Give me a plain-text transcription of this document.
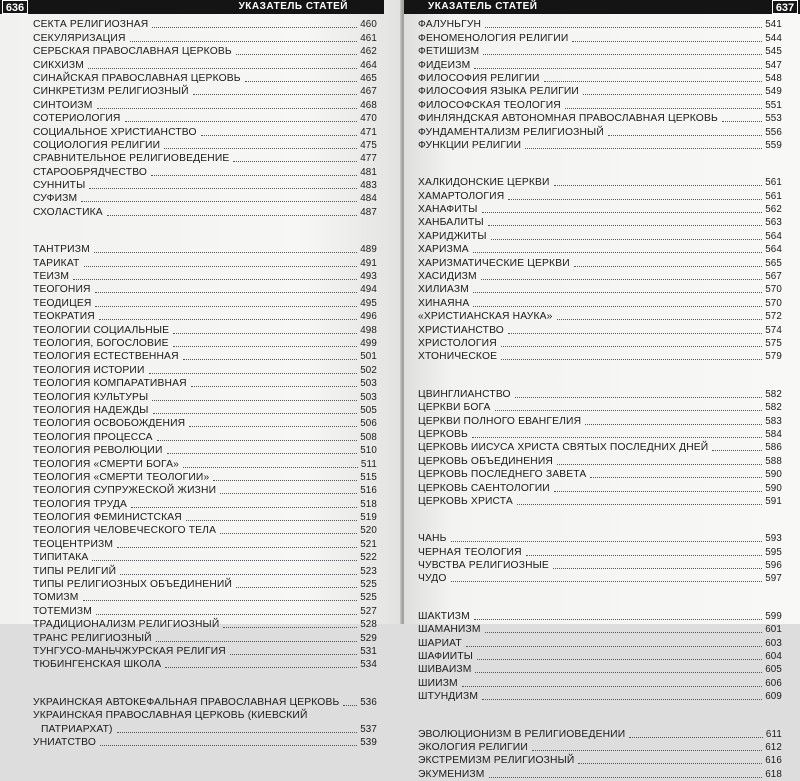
636	УКАЗАТЕЛЬ СТАТЕЙ
СЕКТА РЕЛИГИОЗНАЯ	460
СЕКУЛЯРИЗАЦИЯ	461
СЕРБСКАЯ ПРАВОСЛАВНАЯ ЦЕРКОВЬ	462
СИКХИЗМ	464
СИНАЙСКАЯ ПРАВОСЛАВНАЯ ЦЕРКОВЬ	465
СИНКРЕТИЗМ РЕЛИГИОЗНЫЙ	467
СИНТОИЗМ	468
СОТЕРИОЛОГИЯ	470
СОЦИАЛЬНОЕ ХРИСТИАНСТВО	471
СОЦИОЛОГИЯ РЕЛИГИИ	475
СРАВНИТЕЛЬНОЕ РЕЛИГИОВЕДЕНИЕ	477
СТАРООБРЯДЧЕСТВО	481
СУННИТЫ	483
СУФИЗМ	484
СХОЛАСТИКА	487
ТАНТРИЗМ	489
ТАРИКАТ	491
ТЕИЗМ	493
ТЕОГОНИЯ	494
ТЕОДИЦЕЯ	495
ТЕОКРАТИЯ	496
ТЕОЛОГИИ СОЦИАЛЬНЫЕ	498
ТЕОЛОГИЯ, БОГОСЛОВИЕ	499
ТЕОЛОГИЯ ЕСТЕСТВЕННАЯ	501
ТЕОЛОГИЯ ИСТОРИИ	502
ТЕОЛОГИЯ КОМПАРАТИВНАЯ	503
ТЕОЛОГИЯ КУЛЬТУРЫ	503
ТЕОЛОГИЯ НАДЕЖДЫ	505
ТЕОЛОГИЯ ОСВОБОЖДЕНИЯ	506
ТЕОЛОГИЯ ПРОЦЕССА	508
ТЕОЛОГИЯ РЕВОЛЮЦИИ	510
ТЕОЛОГИЯ «СМЕРТИ БОГА»	511
ТЕОЛОГИЯ «СМЕРТИ ТЕОЛОГИИ»	515
ТЕОЛОГИЯ СУПРУЖЕСКОЙ ЖИЗНИ	516
ТЕОЛОГИЯ ТРУДА	518
ТЕОЛОГИЯ ФЕМИНИСТСКАЯ	519
ТЕОЛОГИЯ ЧЕЛОВЕЧЕСКОГО ТЕЛА	520
ТЕОЦЕНТРИЗМ	521
ТИПИТАКА	522
ТИПЫ РЕЛИГИЙ	523
ТИПЫ РЕЛИГИОЗНЫХ ОБЪЕДИНЕНИЙ	525
ТОМИЗМ	525
ТОТЕМИЗМ	527
ТРАДИЦИОНАЛИЗМ РЕЛИГИОЗНЫЙ	528
ТРАНС РЕЛИГИОЗНЫЙ	529
ТУНГУСО-МАНЬЧЖУРСКАЯ РЕЛИГИЯ	531
ТЮБИНГЕНСКАЯ ШКОЛА	534
УКРАИНСКАЯ АВТОКЕФАЛЬНАЯ ПРАВОСЛАВНАЯ ЦЕРКОВЬ 536
УКРАИНСКАЯ ПРАВОСЛАВНАЯ ЦЕРКОВЬ (КИЕВСКИЙ
ПАТРИАРХАТ)	537
УНИАТСТВО	539
УКАЗАТЕЛЬ СТАТЕЙ	637
ФАЛУНЬГУН	541
ФЕНОМЕНОЛОГИЯ РЕЛИГИИ	544
ФЕТИШИЗМ	545
ФИДЕИЗМ	547
ФИЛОСОФИЯ РЕЛИГИИ	548
ФИЛОСОФИЯ ЯЗЫКА РЕЛИГИИ	549
ФИЛОСОФСКАЯ ТЕОЛОГИЯ	551
ФИНЛЯНДСКАЯ АВТОНОМНАЯ ПРАВОСЛАВНАЯ ЦЕРКОВЬ	553
ФУНДАМЕНТАЛИЗМ РЕЛИГИОЗНЫЙ	556
ФУНКЦИИ РЕЛИГИИ	559
ХАЛКИДОНСКИЕ ЦЕРКВИ	561
ХАМАРТОЛОГИЯ	561
ХАНАФИТЫ	562
ХАНБАЛИТЫ	563
ХАРИДЖИТЫ	564
ХАРИЗМА	564
ХАРИЗМАТИЧЕСКИЕ ЦЕРКВИ	565
ХАСИДИЗМ	567
ХИЛИАЗМ	570
ХИНАЯНА	570
«ХРИСТИАНСКАЯ НАУКА»	572
ХРИСТИАНСТВО	574
ХРИСТОЛОГИЯ	575
ХТОНИЧЕСКОЕ	579
ЦВИНГЛИАНСТВО	582
ЦЕРКВИ БОГА	582
ЦЕРКВИ ПОЛНОГО ЕВАНГЕЛИЯ	583
ЦЕРКОВЬ	584
ЦЕРКОВЬ ИИСУСА ХРИСТА СВЯТЫХ ПОСЛЕДНИХ ДНЕЙ	586
ЦЕРКОВЬ ОБЪЕДИНЕНИЯ	588
ЦЕРКОВЬ ПОСЛЕДНЕГО ЗАВЕТА	590
ЦЕРКОВЬ САЕНТОЛОГИИ	590
ЦЕРКОВЬ ХРИСТА	591
ЧАНЬ	593
ЧЕРНАЯ ТЕОЛОГИЯ	595
ЧУВСТВА РЕЛИГИОЗНЫЕ	596
ЧУДО	597
ШАКТИЗМ	599
ШАМАНИЗМ	601
ШАРИАТ	603
ШАФИИТЫ	604
ШИВАИЗМ	605
ШИИЗМ	606
ШТУНДИЗМ	609
ЭВОЛЮЦИОНИЗМ В РЕЛИГИОВЕДЕНИИ	611
ЭКОЛОГИЯ РЕЛИГИИ	612
ЭКСТРЕМИЗМ РЕЛИГИОЗНЫЙ	616
ЭКУМЕНИЗМ	618
